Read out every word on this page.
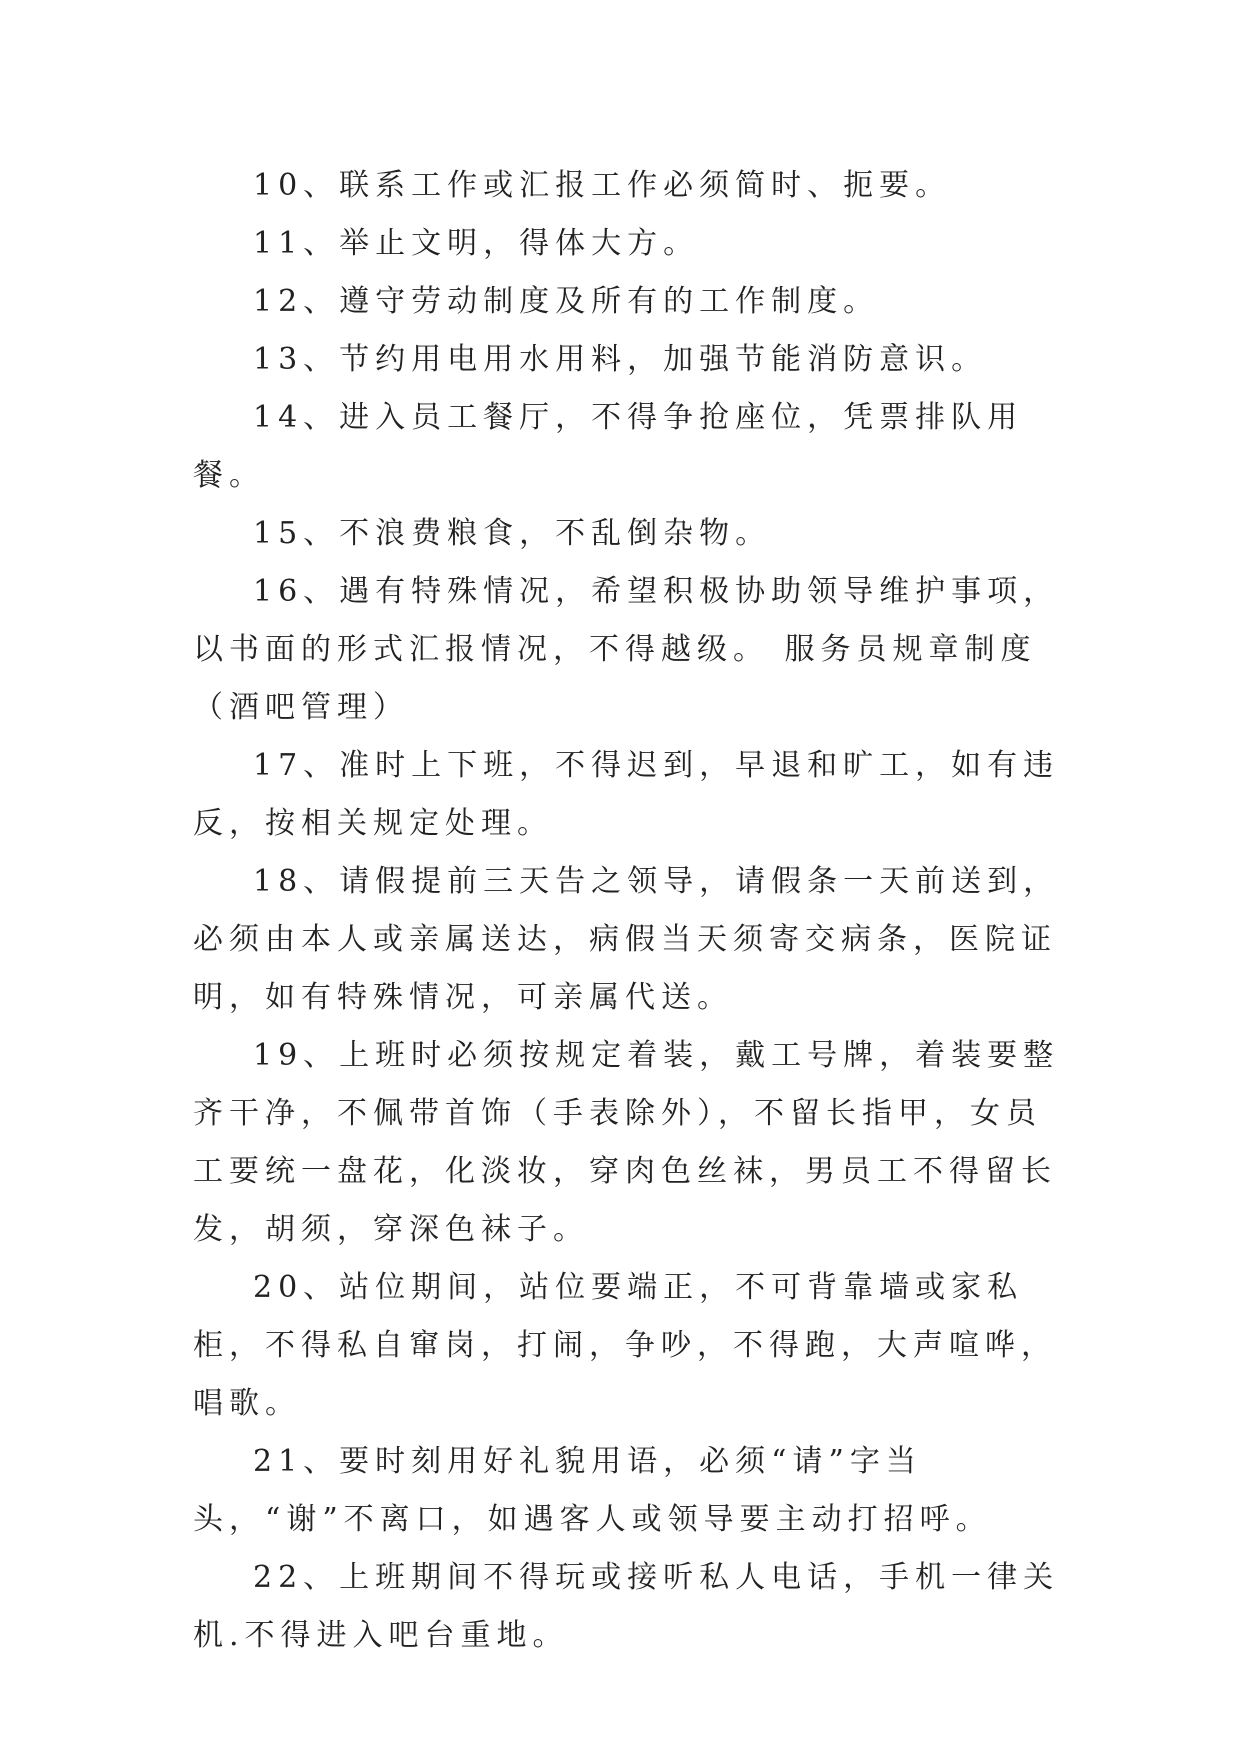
10、联系工作或汇报工作必须简时、扼要。

11、举止文明，得体大方。

12、遵守劳动制度及所有的工作制度。

13、节约用电用水用料，加强节能消防意识。

14、进入员工餐厅，不得争抢座位，凭票排队用餐。

15、不浪费粮食，不乱倒杂物。

16、遇有特殊情况，希望积极协助领导维护事项，以书面的形式汇报情况，不得越级。 服务员规章制度（酒吧管理）

17、准时上下班，不得迟到，早退和旷工，如有违反，按相关规定处理。

18、请假提前三天告之领导，请假条一天前送到，必须由本人或亲属送达，病假当天须寄交病条，医院证明，如有特殊情况，可亲属代送。

19、上班时必须按规定着装，戴工号牌，着装要整齐干净，不佩带首饰（手表除外），不留长指甲，女员工要统一盘花，化淡妆，穿肉色丝袜，男员工不得留长发，胡须，穿深色袜子。

20、站位期间，站位要端正，不可背靠墙或家私柜，不得私自窜岗，打闹，争吵，不得跑，大声喧哗，唱歌。

21、要时刻用好礼貌用语，必须“请”字当头，“谢”不离口，如遇客人或领导要主动打招呼。

22、上班期间不得玩或接听私人电话，手机一律关机.不得进入吧台重地。
